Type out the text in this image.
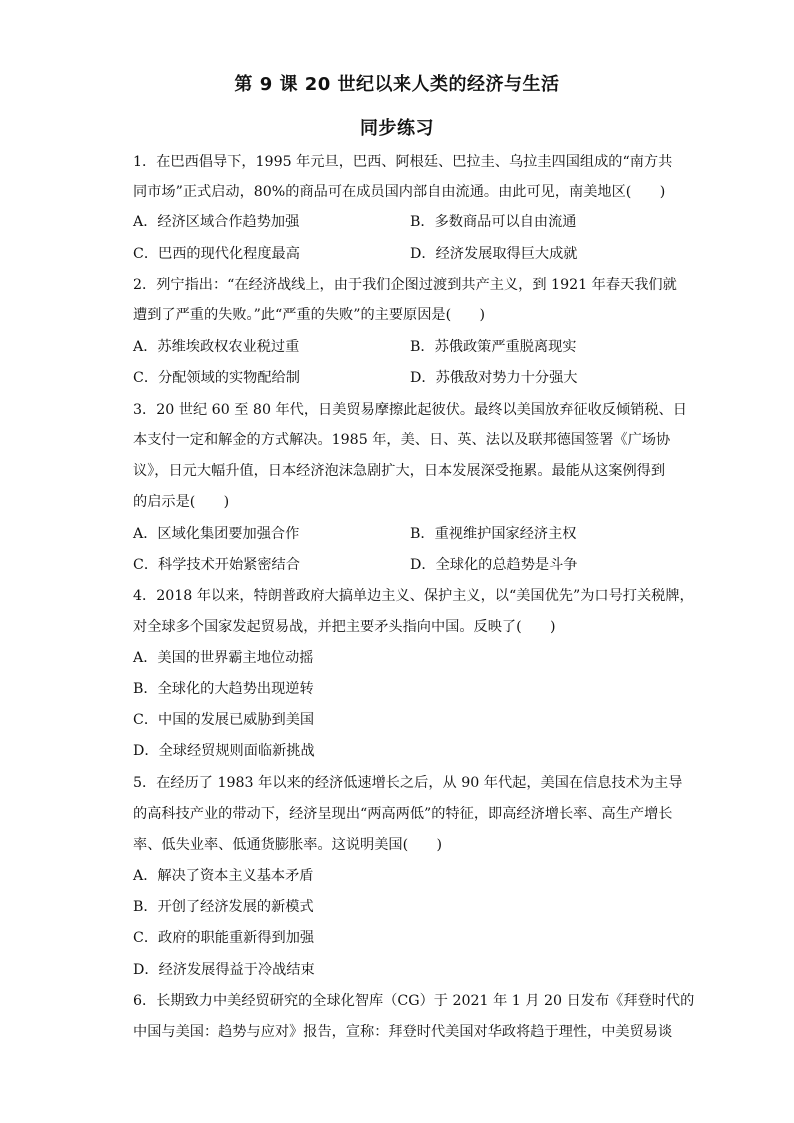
第 9 课 20 世纪以来人类的经济与生活
同步练习
1．在巴西倡导下，1995 年元旦，巴西、阿根廷、巴拉圭、乌拉圭四国组成的“南方共
同市场”正式启动，80%的商品可在成员国内部自由流通。由此可见，南美地区(　　)
A．经济区域合作趋势加强	B．多数商品可以自由流通
C．巴西的现代化程度最高	D．经济发展取得巨大成就
2．列宁指出：“在经济战线上，由于我们企图过渡到共产主义，到 1921 年春天我们就
遭到了严重的失败。”此“严重的失败”的主要原因是(　　)
A．苏维埃政权农业税过重	B．苏俄政策严重脱离现实
C．分配领域的实物配给制	D．苏俄敌对势力十分强大
3．20 世纪 60 至 80 年代，日美贸易摩擦此起彼伏。最终以美国放弃征收反倾销税、日
本支付一定和解金的方式解决。1985 年，美、日、英、法以及联邦德国签署《广场协
议》，日元大幅升值，日本经济泡沫急剧扩大，日本发展深受拖累。最能从这案例得到
的启示是(　　)
A．区域化集团要加强合作	B．重视维护国家经济主权
C．科学技术开始紧密结合	D．全球化的总趋势是斗争
4．2018 年以来，特朗普政府大搞单边主义、保护主义，以“美国优先”为口号打关税牌，
对全球多个国家发起贸易战，并把主要矛头指向中国。反映了(　　)
A．美国的世界霸主地位动摇
B．全球化的大趋势出现逆转
C．中国的发展已威胁到美国
D．全球经贸规则面临新挑战
5．在经历了 1983 年以来的经济低速增长之后，从 90 年代起，美国在信息技术为主导
的高科技产业的带动下，经济呈现出“两高两低”的特征，即高经济增长率、高生产增长
率、低失业率、低通货膨胀率。这说明美国(　　)
A．解决了资本主义基本矛盾
B．开创了经济发展的新模式
C．政府的职能重新得到加强
D．经济发展得益于冷战结束
6．长期致力中美经贸研究的全球化智库（CG）于 2021 年 1 月 20 日发布《拜登时代的
中国与美国：趋势与应对》报告，宣称：拜登时代美国对华政将趋于理性，中美贸易谈
